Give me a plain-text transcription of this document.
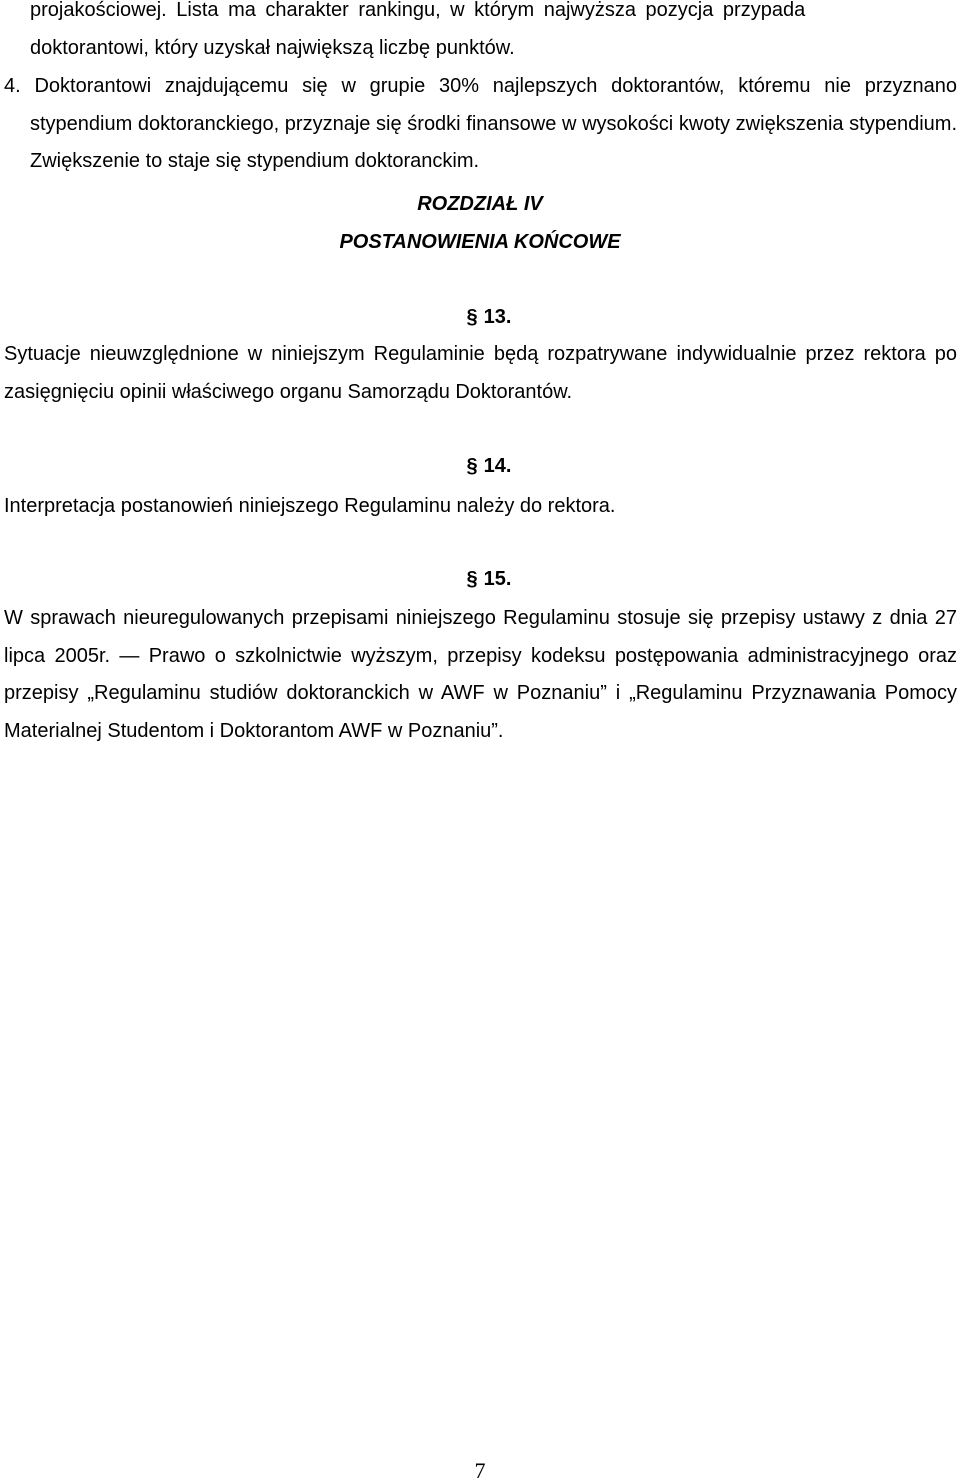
projakościowej. Lista ma charakter rankingu, w którym najwyższa pozycja przypada

doktorantowi, który uzyskał największą liczbę punktów.

4. Doktorantowi znajdującemu się w grupie 30% najlepszych doktorantów, któremu nie przyznano stypendium doktoranckiego, przyznaje się środki finansowe w wysokości kwoty zwiększenia stypendium. Zwiększenie to staje się stypendium doktoranckim.

ROZDZIAŁ IV

POSTANOWIENIA KOŃCOWE

§ 13.

Sytuacje nieuwzględnione w niniejszym Regulaminie będą rozpatrywane indywidualnie przez rektora po zasięgnięciu opinii właściwego organu Samorządu Doktorantów.

§ 14.

Interpretacja postanowień niniejszego Regulaminu należy do rektora.

§ 15.

W sprawach nieuregulowanych przepisami niniejszego Regulaminu stosuje się przepisy ustawy z dnia 27 lipca 2005r. ― Prawo o szkolnictwie wyższym, przepisy kodeksu postępowania administracyjnego oraz przepisy „Regulaminu studiów doktoranckich w AWF w Poznaniu” i „Regulaminu Przyznawania Pomocy Materialnej Studentom i Doktorantom AWF w Poznaniu”.

7
